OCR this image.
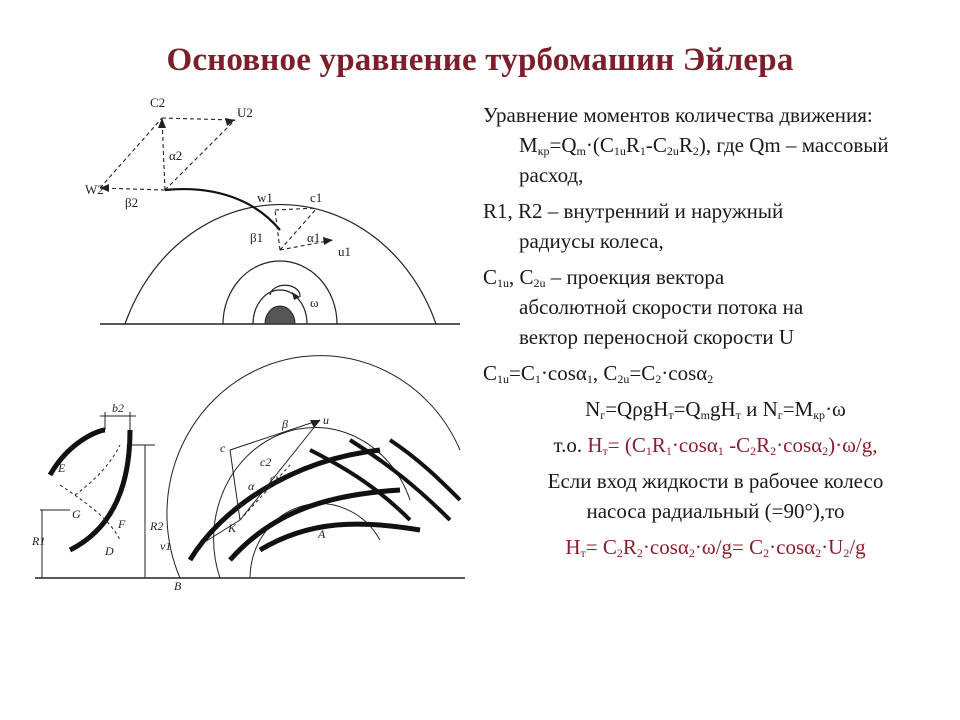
Основное уравнение турбомашин Эйлера
C2
U2
W2
α2
β2	w1	c1
β1	α1
u1
ω
b2
R2
R1
E
D
G
F
c
β	u
c2
cu
α
v1
K
B
A

Уравнение моментов количества движения:

$M_{кр}=Q_m\cdot(C_{1u}R_1-C_{2u}R_2)$, где Qm – массовый расход,

R1, R2 – внутренний и наружный
радиусы колеса,

$C_{1u}$, $C_{2u}$ – проекция вектора
абсолютной скорости потока на
вектор переносной скорости U

$C_{1u}=C_1\cdot\cos\alpha_1$, $C_{2u}=C_2\cdot\cos\alpha_2$

$N_г=Q\rho gH_т=Q_mgH_т$ и $N_г=M_{кр}\cdot\omega$

т.о. $H_т= (C_1R_1\cdot\cos\alpha_1$ $-C_2R_2\cdot\cos\alpha_2)\cdot\omega/g$,

Если вход жидкости в рабочее колесо
насоса радиальный (=90°),то

$H_т= C_2R_2\cdot\cos\alpha_2\cdot\omega/g= C_2\cdot\cos\alpha_2\cdot U_2/g$
